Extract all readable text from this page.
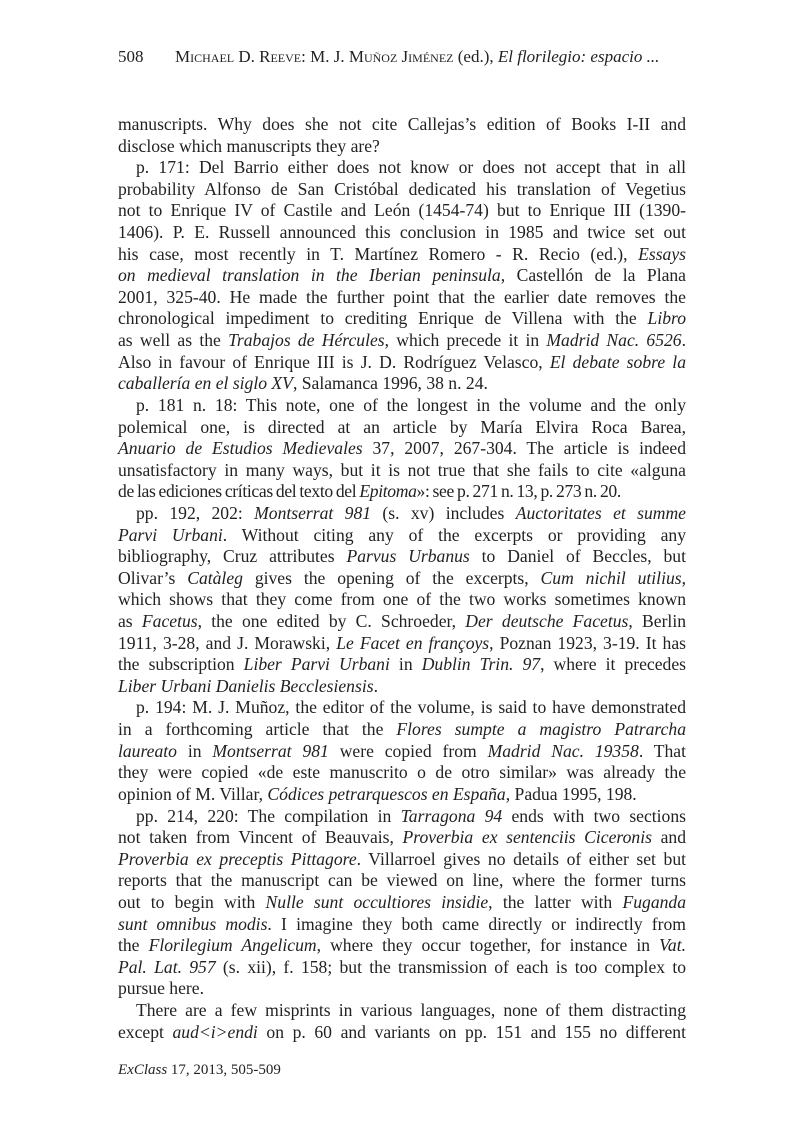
508 Michael D. Reeve: M. J. Muñoz Jiménez (ed.), El florilegio: espacio ...
manuscripts. Why does she not cite Callejas’s edition of Books I-II and
disclose which manuscripts they are?
p. 171: Del Barrio either does not know or does not accept that in all
probability Alfonso de San Cristóbal dedicated his translation of Vegetius
not to Enrique IV of Castile and León (1454-74) but to Enrique III (1390-
1406). P. E. Russell announced this conclusion in 1985 and twice set out
his case, most recently in T. Martínez Romero - R. Recio (ed.), Essays
on medieval translation in the Iberian peninsula, Castellón de la Plana
2001, 325-40. He made the further point that the earlier date removes the
chronological impediment to crediting Enrique de Villena with the Libro
as well as the Trabajos de Hércules, which precede it in Madrid Nac. 6526.
Also in favour of Enrique III is J. D. Rodríguez Velasco, El debate sobre la
caballería en el siglo XV, Salamanca 1996, 38 n. 24.
p. 181 n. 18: This note, one of the longest in the volume and the only
polemical one, is directed at an article by María Elvira Roca Barea,
Anuario de Estudios Medievales 37, 2007, 267-304. The article is indeed
unsatisfactory in many ways, but it is not true that she fails to cite «alguna
de las ediciones críticas del texto del Epitoma»: see p. 271 n. 13, p. 273 n. 20.
pp. 192, 202: Montserrat 981 (s. xv) includes Auctoritates et summe
Parvi Urbani. Without citing any of the excerpts or providing any
bibliography, Cruz attributes Parvus Urbanus to Daniel of Beccles, but
Olivar’s Catàleg gives the opening of the excerpts, Cum nichil utilius,
which shows that they come from one of the two works sometimes known
as Facetus, the one edited by C. Schroeder, Der deutsche Facetus, Berlin
1911, 3-28, and J. Morawski, Le Facet en françoys, Poznan 1923, 3-19. It has
the subscription Liber Parvi Urbani in Dublin Trin. 97, where it precedes
Liber Urbani Danielis Becclesiensis.
p. 194: M. J. Muñoz, the editor of the volume, is said to have demonstrated
in a forthcoming article that the Flores sumpte a magistro Patrarcha
laureato in Montserrat 981 were copied from Madrid Nac. 19358. That
they were copied «de este manuscrito o de otro similar» was already the
opinion of M. Villar, Códices petrarquescos en España, Padua 1995, 198.
pp. 214, 220: The compilation in Tarragona 94 ends with two sections
not taken from Vincent of Beauvais, Proverbia ex sentenciis Ciceronis and
Proverbia ex preceptis Pittagore. Villarroel gives no details of either set but
reports that the manuscript can be viewed on line, where the former turns
out to begin with Nulle sunt occultiores insidie, the latter with Fuganda
sunt omnibus modis. I imagine they both came directly or indirectly from
the Florilegium Angelicum, where they occur together, for instance in Vat.
Pal. Lat. 957 (s. xii), f. 158; but the transmission of each is too complex to
pursue here.
There are a few misprints in various languages, none of them distracting
except aud<i>endi on p. 60 and variants on pp. 151 and 155 no different
ExClass 17, 2013, 505-509
